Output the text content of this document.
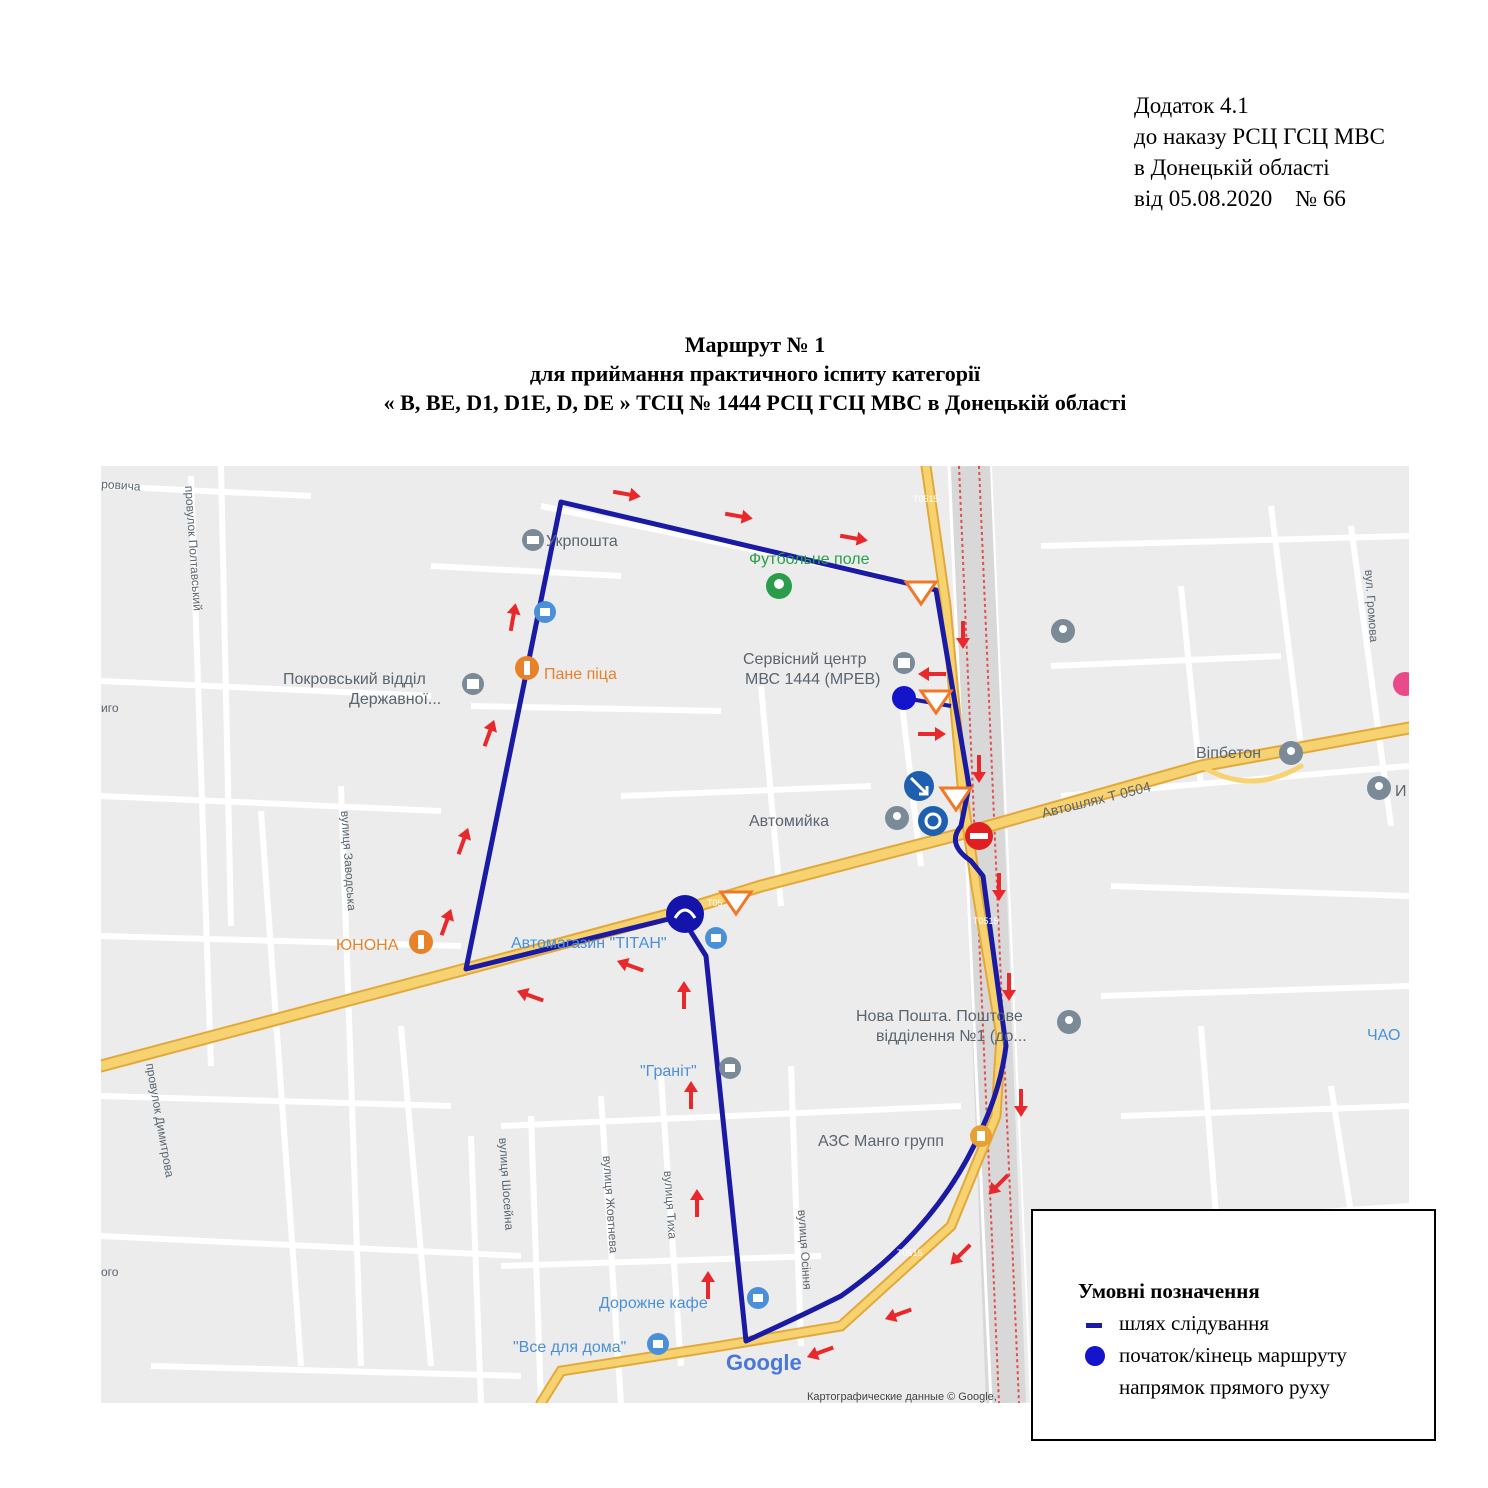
Додаток 4.1
до наказу РСЦ ГСЦ МВС
в Донецькій області
від 05.08.2020    № 66
Маршрут № 1
для приймання практичного іспиту категорії
« B, BE, D1, D1E, D, DE » ТСЦ № 1444 РСЦ ГСЦ МВС в Донецькій області
Укрпошта
Футбольне поле
Сервісний центр
МВС 1444 (МРЕВ)
Пане піца
Покровський відділ
Державної...
Віпбетон
Автомийка
Автошлях Т 0504
ЮНОНА	Автомагазин "ТІТАН"
Нова Пошта. Поштове
відділення №1 (до...	ЧАО
"Граніт"
АЗС Манго групп
Дорожне кафе
"Все для дома"
Google
Картографические данные © Google,
T0515
T0515
T0515
T05
провулок Полтавський
вулиця Заводська
провулок Димитрова
вулиця Шосейна	вулиця Жовтнева	вулиця Тиха
вулиця Осіння
вул. Громова
ровича
иго
ого
И
Умовні позначення
шлях слідування
початок/кінець маршруту
напрямок прямого руху
